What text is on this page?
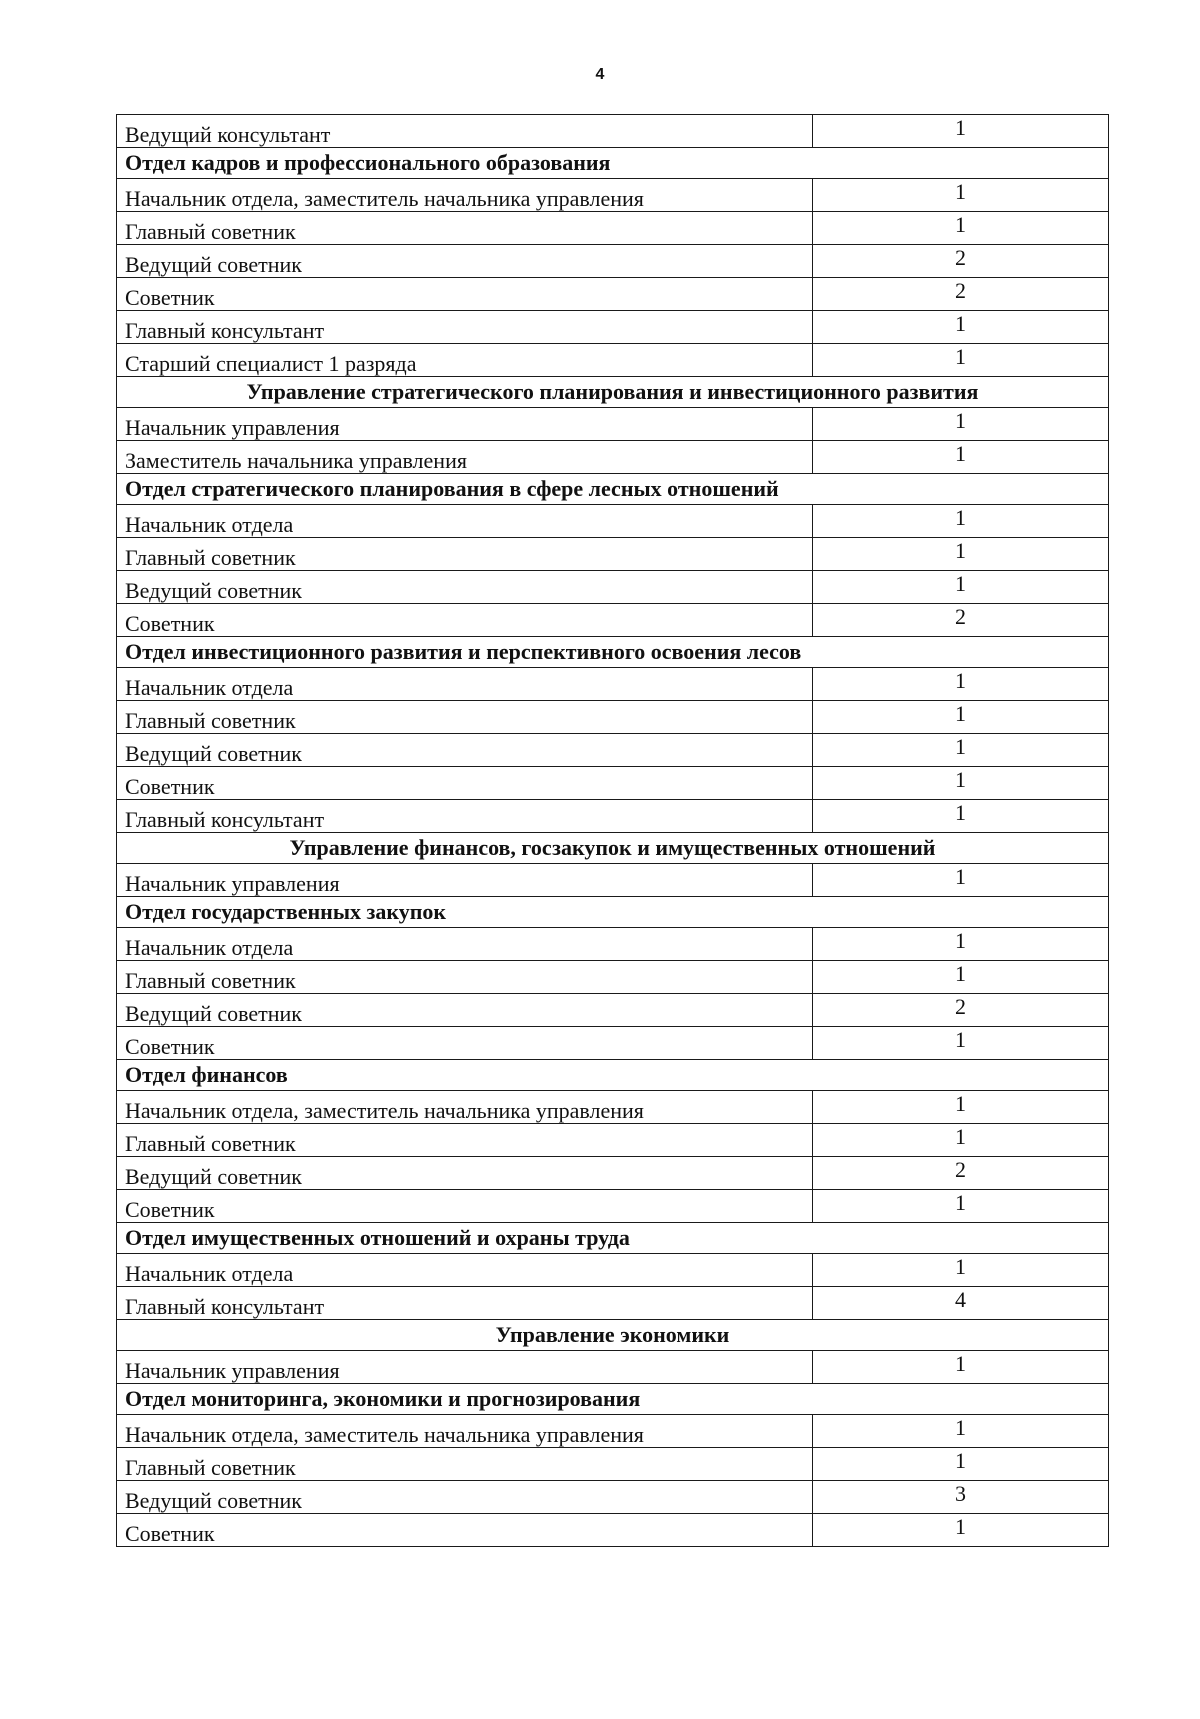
4
Ведущий консультант	1
Отдел кадров и профессионального образования	
Начальник отдела, заместитель начальника управления	1
Главный советник	1
Ведущий советник	2
Советник	2
Главный консультант	1
Старший специалист 1 разряда	1
Управление стратегического планирования и инвестиционного развития	
Начальник управления	1
Заместитель начальника управления	1
Отдел стратегического планирования в сфере лесных отношений	
Начальник отдела	1
Главный советник	1
Ведущий советник	1
Советник	2
Отдел инвестиционного развития и перспективного освоения лесов	
Начальник отдела	1
Главный советник	1
Ведущий советник	1
Советник	1
Главный консультант	1
Управление финансов, госзакупок и имущественных отношений	
Начальник управления	1
Отдел государственных закупок	
Начальник отдела	1
Главный советник	1
Ведущий советник	2
Советник	1
Отдел финансов	
Начальник отдела, заместитель начальника управления	1
Главный советник	1
Ведущий советник	2
Советник	1
Отдел имущественных отношений и охраны труда	
Начальник отдела	1
Главный консультант	4
Управление экономики	
Начальник управления	1
Отдел мониторинга, экономики и прогнозирования	
Начальник отдела, заместитель начальника управления	1
Главный советник	1
Ведущий советник	3
Советник	1
